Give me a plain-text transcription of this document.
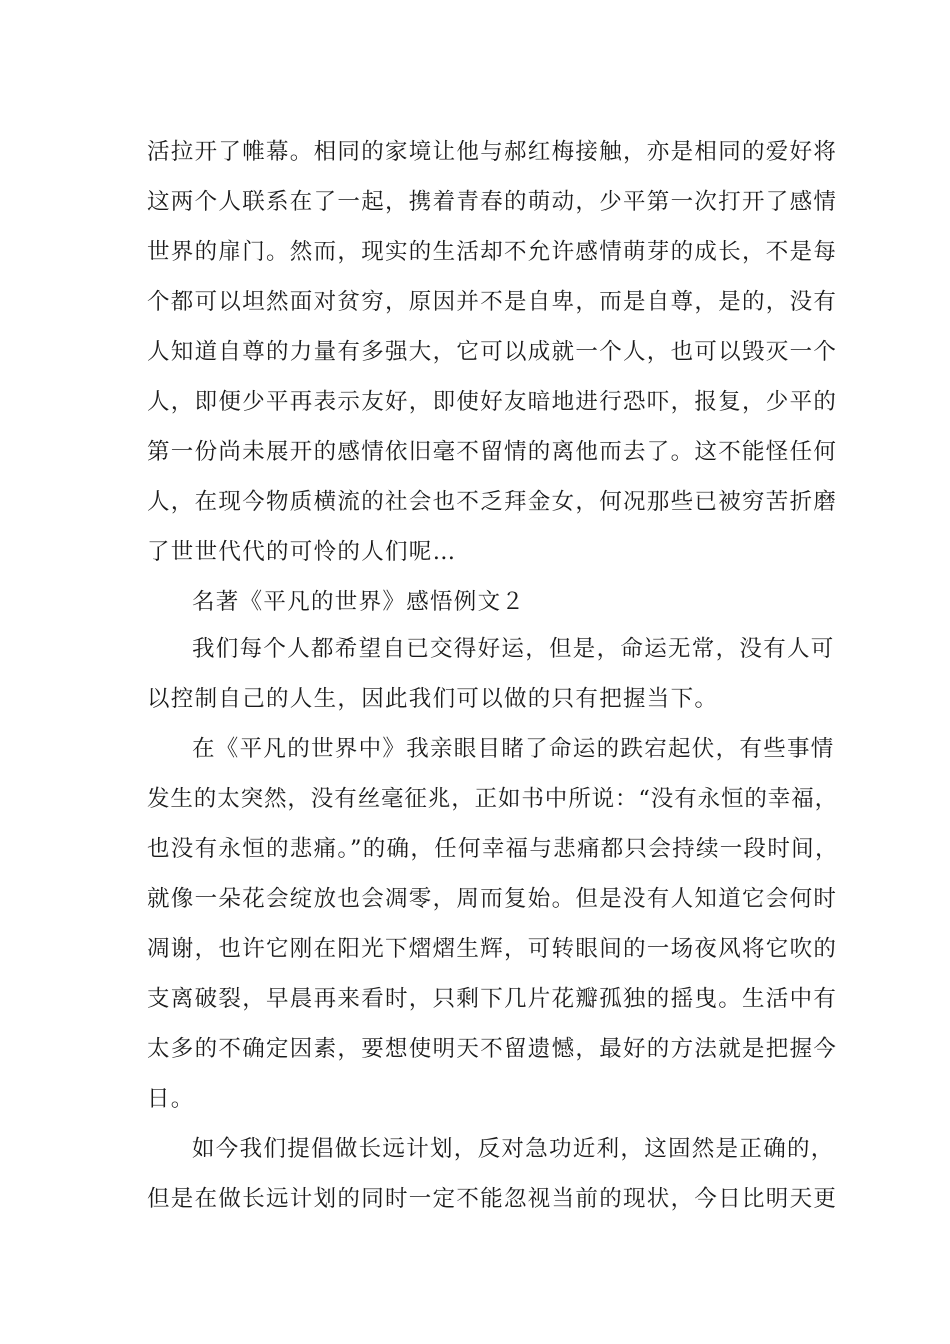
活拉开了帷幕。相同的家境让他与郝红梅接触，亦是相同的爱好将
这两个人联系在了一起，携着青春的萌动，少平第一次打开了感情
世界的扉门。然而，现实的生活却不允许感情萌芽的成长，不是每
个都可以坦然面对贫穷，原因并不是自卑，而是自尊，是的，没有
人知道自尊的力量有多强大，它可以成就一个人，也可以毁灭一个
人，即便少平再表示友好，即使好友暗地进行恐吓，报复，少平的
第一份尚未展开的感情依旧毫不留情的离他而去了。这不能怪任何
人，在现今物质横流的社会也不乏拜金女，何况那些已被穷苦折磨
了世世代代的可怜的人们呢…
名著《平凡的世界》感悟例文２
我们每个人都希望自已交得好运，但是，命运无常，没有人可
以控制自己的人生，因此我们可以做的只有把握当下。
在《平凡的世界中》我亲眼目睹了命运的跌宕起伏，有些事情
发生的太突然，没有丝毫征兆，正如书中所说：“没有永恒的幸福，
也没有永恒的悲痛。”的确，任何幸福与悲痛都只会持续一段时间，
就像一朵花会绽放也会凋零，周而复始。但是没有人知道它会何时
凋谢，也许它刚在阳光下熠熠生辉，可转眼间的一场夜风将它吹的
支离破裂，早晨再来看时，只剩下几片花瓣孤独的摇曳。生活中有
太多的不确定因素，要想使明天不留遗憾，最好的方法就是把握今
日。
如今我们提倡做长远计划，反对急功近利，这固然是正确的，
但是在做长远计划的同时一定不能忽视当前的现状，今日比明天更
